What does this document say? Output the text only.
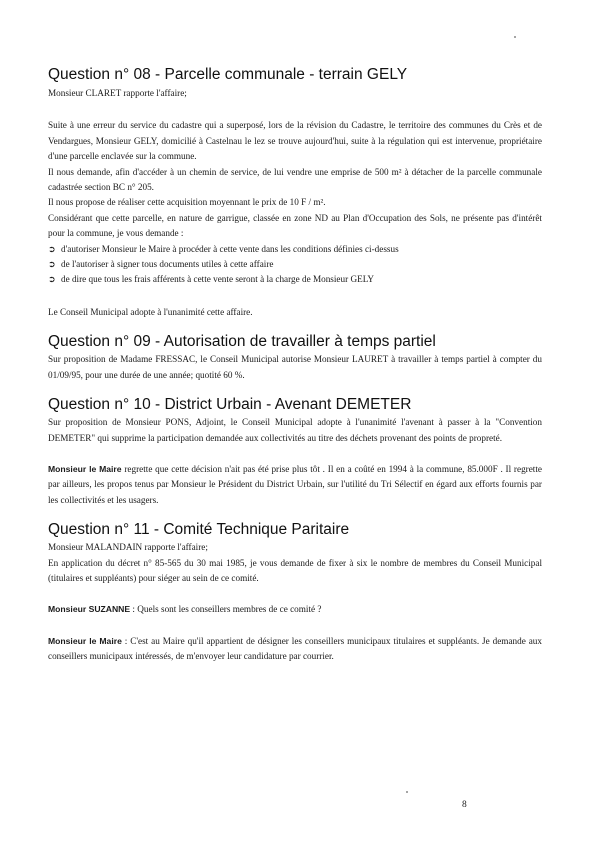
Question n° 08 - Parcelle communale - terrain GELY

Monsieur CLARET rapporte l'affaire;

Suite à une erreur du service du cadastre qui a superposé, lors de la révision du Cadastre, le territoire des communes du Crès et de Vendargues, Monsieur GELY, domicilié à Castelnau le lez se trouve aujourd'hui, suite à la régulation qui est intervenue, propriétaire d'une parcelle enclavée sur la commune.

Il nous demande, afin d'accéder à un chemin de service, de lui vendre une emprise de 500 m² à détacher de la parcelle communale cadastrée section BC n° 205.

Il nous propose de réaliser cette acquisition moyennant le prix de 10 F / m².

Considérant que cette parcelle, en nature de garrigue, classée en zone ND au Plan d'Occupation des Sols, ne présente pas d'intérêt pour la commune, je vous demande :

➲ d'autoriser Monsieur le Maire à procéder à cette vente dans les conditions définies ci-dessus
➲ de l'autoriser à signer tous documents utiles à cette affaire
➲ de dire que tous les frais afférents à cette vente seront à la charge de Monsieur GELY

Le Conseil Municipal adopte à l'unanimité cette affaire.

Question n° 09 - Autorisation de travailler à temps partiel

Sur proposition de Madame FRESSAC, le Conseil Municipal autorise Monsieur LAURET à travailler à temps partiel à compter du 01/09/95, pour une durée de une année; quotité 60 %.

Question n° 10 - District Urbain - Avenant DEMETER

Sur proposition de Monsieur PONS, Adjoint, le Conseil Municipal adopte à l'unanimité l'avenant à passer à la "Convention DEMETER" qui supprime la participation demandée aux collectivités au titre des déchets provenant des points de propreté.

Monsieur le Maire regrette que cette décision n'ait pas été prise plus tôt . Il en a coûté en 1994 à la commune, 85.000F . Il regrette par ailleurs, les propos tenus par Monsieur le Président du District Urbain, sur l'utilité du Tri Sélectif en égard aux efforts fournis par les collectivités et les usagers.

Question n° 11 - Comité Technique Paritaire

Monsieur MALANDAIN rapporte l'affaire;

En application du décret n° 85-565 du 30 mai 1985, je vous demande de fixer à six le nombre de membres du Conseil Municipal (titulaires et suppléants) pour siéger au sein de ce comité.

Monsieur SUZANNE : Quels sont les conseillers membres de ce comité ?

Monsieur le Maire : C'est au Maire qu'il appartient de désigner les conseillers municipaux titulaires et suppléants. Je demande aux conseillers municipaux intéressés, de m'envoyer leur candidature par courrier.

8
